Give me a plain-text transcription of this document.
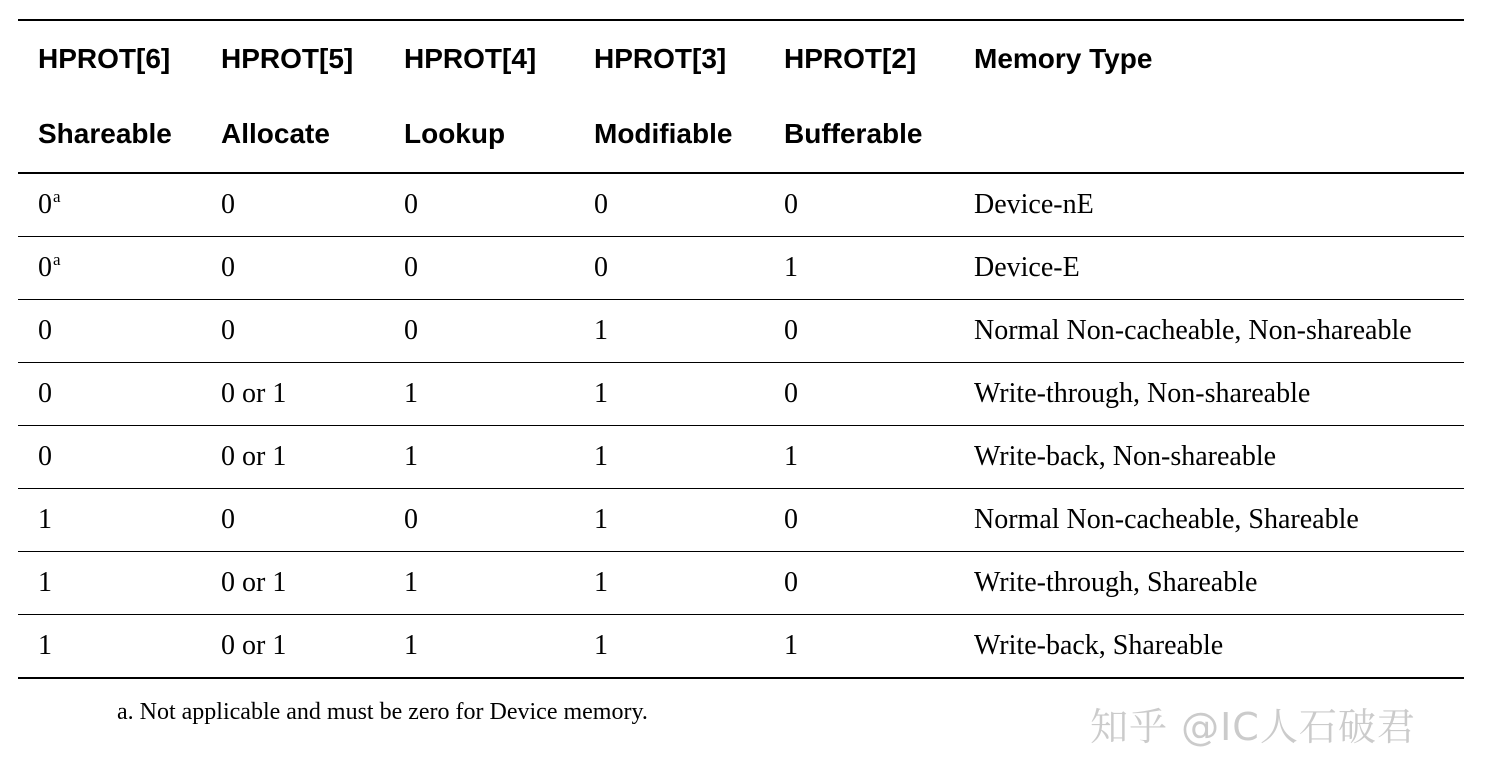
HPROT[6]	HPROT[5]	HPROT[4]	HPROT[3]	HPROT[2]	Memory Type
Shareable	Allocate	Lookup	Modifiable	Bufferable	
0$^a$	0	0	0	0	Device-nE
0$^a$	0	0	0	1	Device-E
0	0	0	1	0	Normal Non-cacheable, Non-shareable
0	0 or 1	1	1	0	Write-through, Non-shareable
0	0 or 1	1	1	1	Write-back, Non-shareable
1	0	0	1	0	Normal Non-cacheable, Shareable
1	0 or 1	1	1	0	Write-through, Shareable
1	0 or 1	1	1	1	Write-back, Shareable
a. Not applicable and must be zero for Device memory.	知乎 @IC人石破君
